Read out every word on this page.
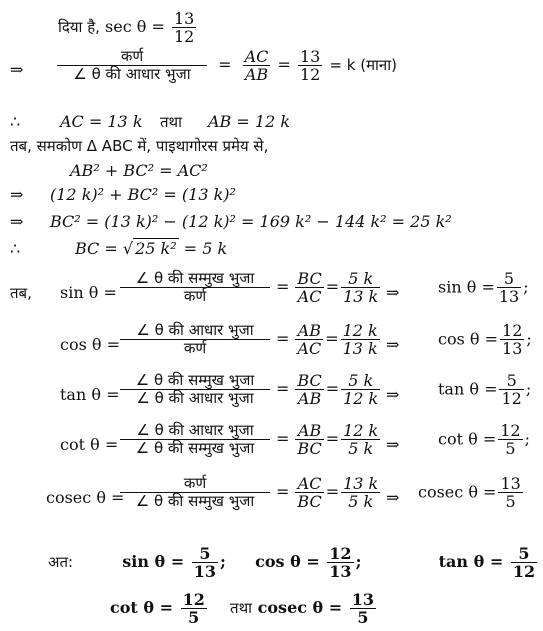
दिया है, $\sec \theta = \frac{13}{12}$
⇒
कर्ण
∠ θ की आधार भुजा	= $\frac{AC}{AB} = \frac{13}{12} = k$ (माना)
∴ AC = 13 k तथा AB = 12 k
तब, समकोण Δ ABC में, पाइथागोरस प्रमेय से,
AB² + BC² = AC²
⇒ (12 k)² + BC² = (13 k)²
⇒ BC² = (13 k)² − (12 k)² = 169 k² − 144 k² = 25 k²
∴	BC = √ 25 k² = 5 k
तब, sin θ =
∠ θ की सम्मुख भुजा
कर्ण	= $\frac{BC}{AC} = \frac{5 k}{13 k}$ ⇒ $\sin \theta = \frac{5}{13}$ ;
cos θ =
∠ θ की आधार भुजा
कर्ण	= $\frac{AB}{AC} = \frac{12 k}{13 k}$ ⇒ $\cos \theta = \frac{12}{13}$ ;
tan θ =
∠ θ की सम्मुख भुजा
∠ θ की आधार भुजा	= $\frac{BC}{AB} = \frac{5 k}{12 k}$ ⇒ $\tan \theta = \frac{5}{12}$ ;
cot θ =
∠ θ की आधार भुजा
∠ θ की सम्मुख भुजा	= $\frac{AB}{BC} = \frac{12 k}{5 k}$ ⇒ $\cot \theta = \frac{12}{5}$ ;
cosec θ =
कर्ण
∠ θ की सम्मुख भुजा	= $\frac{AC}{BC} = \frac{13 k}{5 k}$ ⇒ cosec $\theta = \frac{13}{5}$
अत:	$\sin \theta = \frac{5}{13}$ ; $\cos \theta = \frac{12}{13}$ ;	$\tan \theta = \frac{5}{12}$
$\cot \theta = \frac{12}{5}$ तथा cosec $\theta = \frac{13}{5}$
